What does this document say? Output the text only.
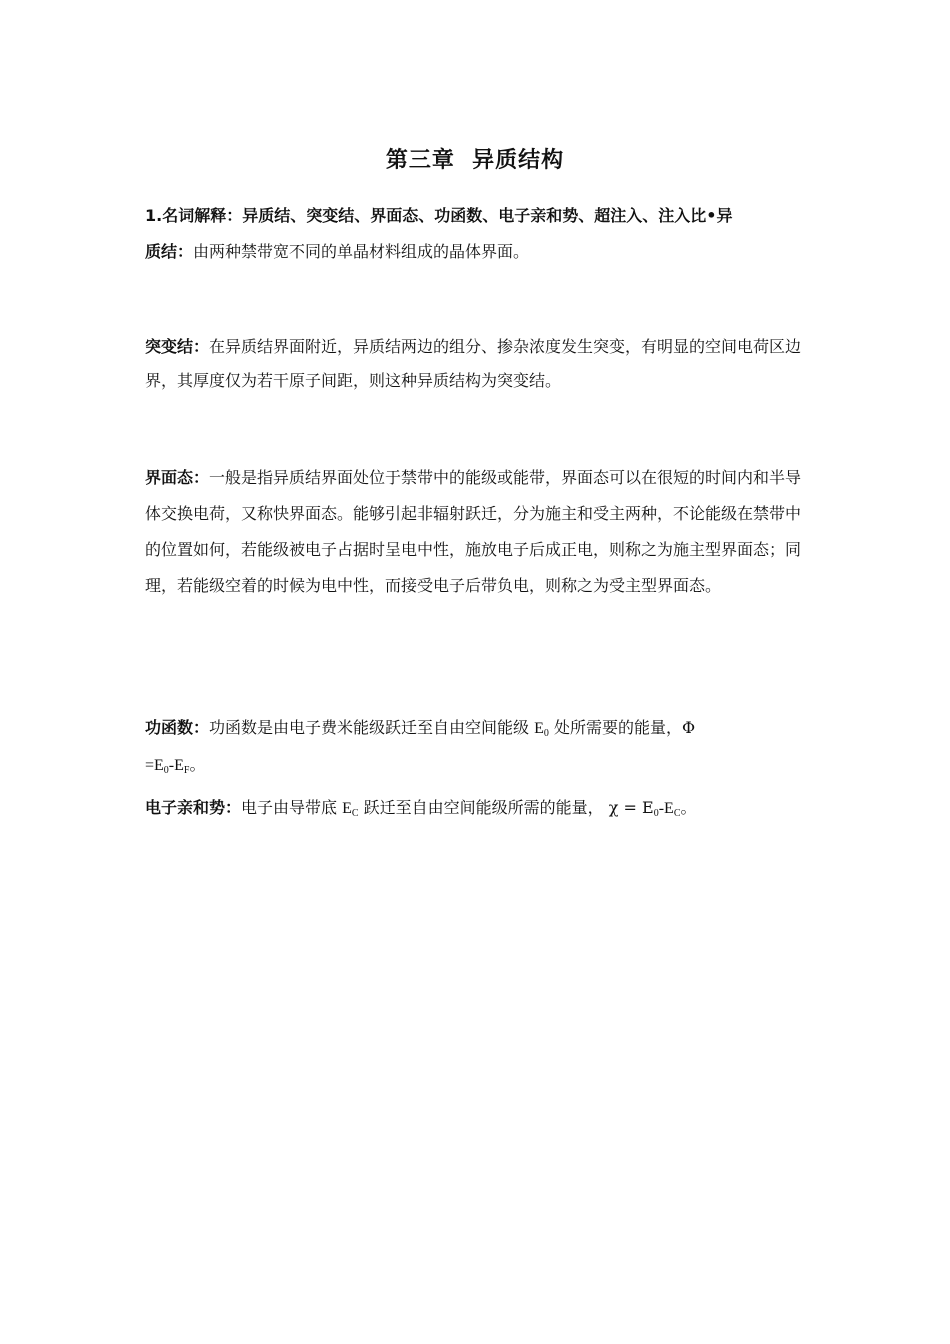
第三章  异质结构

1.名词解释：异质结、突变结、界面态、功函数、电子亲和势、超注入、注入比•异
质结：由两种禁带宽不同的单晶材料组成的晶体界面。

突变结：在异质结界面附近，异质结两边的组分、掺杂浓度发生突变，有明显的空间电荷区边界，其厚度仅为若干原子间距，则这种异质结构为突变结。

界面态：一般是指异质结界面处位于禁带中的能级或能带，界面态可以在很短的时间内和半导体交换电荷，又称快界面态。能够引起非辐射跃迁，分为施主和受主两种，不论能级在禁带中的位置如何，若能级被电子占据时呈电中性，施放电子后成正电，则称之为施主型界面态；同理，若能级空着的时候为电中性，而接受电子后带负电，则称之为受主型界面态。

功函数：功函数是由电子费米能级跃迁至自由空间能级 $E_0$ 处所需要的能量，Φ
$=E_0-E_F$。

电子亲和势：电子由导带底 $E_C$ 跃迁至自由空间能级所需的能量， $\chi = E_0-E_C$。
